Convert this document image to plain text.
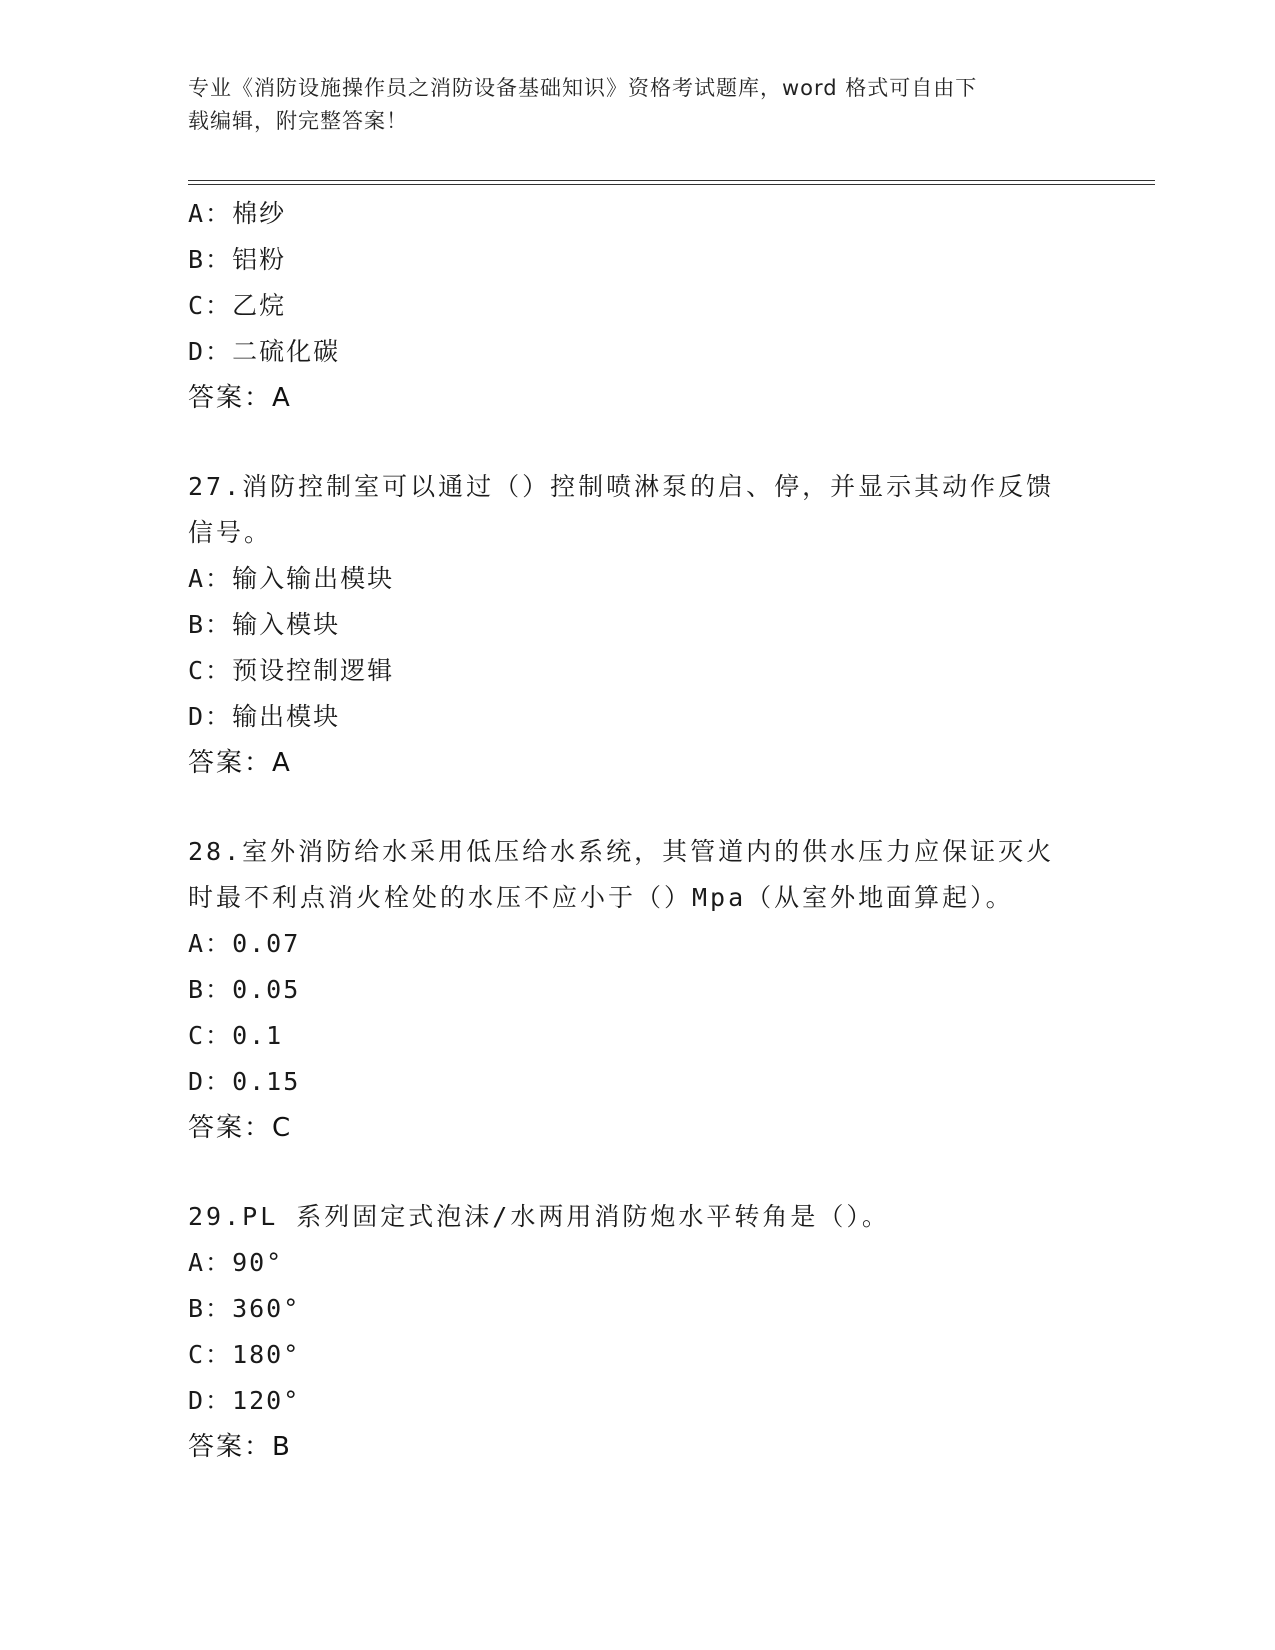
专业《消防设施操作员之消防设备基础知识》资格考试题库，word 格式可自由下
载编辑，附完整答案！
A：棉纱
B：铝粉
C：乙烷
D：二硫化碳
答案：A
27.消防控制室可以通过（）控制喷淋泵的启、停，并显示其动作反馈
信号。
A：输入输出模块
B：输入模块
C：预设控制逻辑
D：输出模块
答案：A
28.室外消防给水采用低压给水系统，其管道内的供水压力应保证灭火
时最不利点消火栓处的水压不应小于（）Mpa（从室外地面算起）。
A：0.07
B：0.05
C：0.1
D：0.15
答案：C
29.PL 系列固定式泡沫/水两用消防炮水平转角是（）。
A：90°
B：360°
C：180°
D：120°
答案：B
